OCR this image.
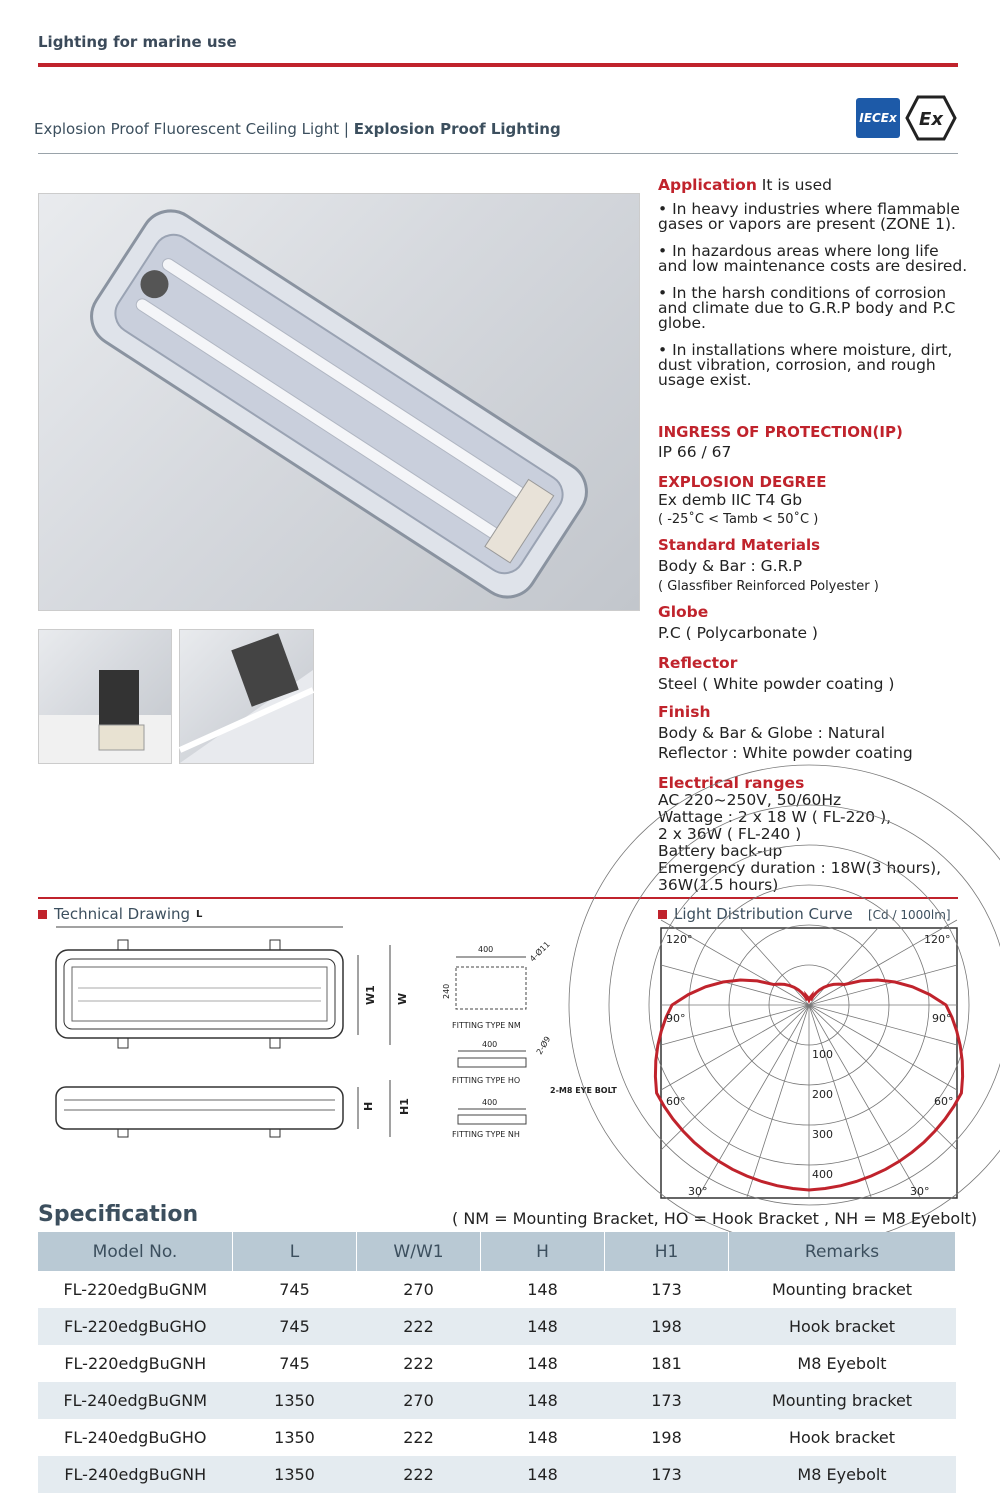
Lighting for marine use
Explosion Proof Fluorescent Ceiling Light | Explosion Proof Lighting
IECEx Ex
Application It is used
• In heavy industries where flammable gases or vapors are present (ZONE 1).
• In hazardous areas where long life and low maintenance costs are desired.
• In the harsh conditions of corrosion and climate due to G.R.P body and P.C globe.
• In installations where moisture, dirt, dust vibration, corrosion, and rough usage exist.
INGRESS OF PROTECTION(IP)
IP 66 / 67
EXPLOSION DEGREE
Ex demb IIC T4 Gb
( -25˚C < Tamb < 50˚C )
Standard Materials
Body & Bar : G.R.P
( Glassfiber Reinforced Polyester )
Globe
P.C ( Polycarbonate )
Reflector
Steel ( White powder coating )
Finish
Body & Bar & Globe : Natural
Reflector : White powder coating
Electrical ranges
AC 220~250V, 50/60Hz
Wattage : 2 x 18 W ( FL-220 ),
2 x 36W ( FL-240 )
Battery back-up
Emergency duration : 18W(3 hours),
36W(1.5 hours)
Technical Drawing L
W1 W
H H1
400
240
4-Ø11
FITTING TYPE NM
400	2-Ø9
FITTING TYPE HO
2-M8 EYE BOLT
400
FITTING TYPE NH
Light Distribution Curve [Cd / 1000lm]
120°	120°
90°	90°
60°	60°
30°	30°
100
200
300
400
Specification	( NM = Mounting Bracket, HO = Hook Bracket , NH = M8 Eyebolt)
Model No.	L	W/W1	H	H1	Remarks
FL-220edgBuGNM	745	270	148	173	Mounting bracket
FL-220edgBuGHO	745	222	148	198	Hook bracket
FL-220edgBuGNH	745	222	148	181	M8 Eyebolt
FL-240edgBuGNM	1350	270	148	173	Mounting bracket
FL-240edgBuGHO	1350	222	148	198	Hook bracket
FL-240edgBuGNH	1350	222	148	173	M8 Eyebolt
